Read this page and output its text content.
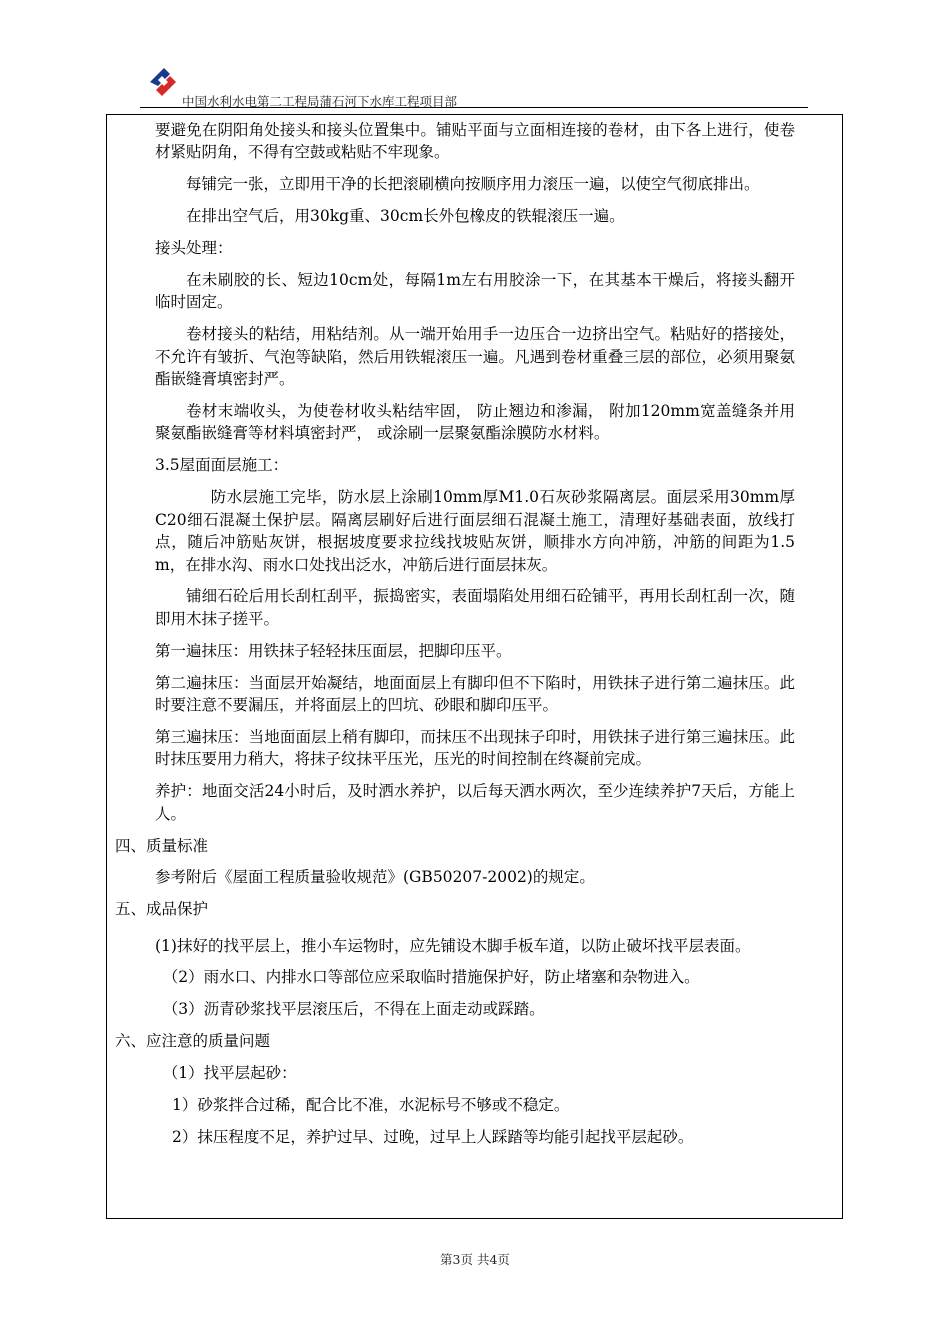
中国水利水电第二工程局蒲石河下水库工程项目部

要避免在阴阳角处接头和接头位置集中。铺贴平面与立面相连接的卷材，由下各上进行，使卷材紧贴阴角，不得有空鼓或粘贴不牢现象。

每铺完一张，立即用干净的长把滚刷横向按顺序用力滚压一遍，以使空气彻底排出。

在排出空气后，用30kg重、30cm长外包橡皮的铁辊滚压一遍。

接头处理：

在未刷胶的长、短边10cm处，每隔1m左右用胶涂一下，在其基本干燥后，将接头翻开临时固定。

卷材接头的粘结，用粘结剂。从一端开始用手一边压合一边挤出空气。粘贴好的搭接处，不允许有皱折、气泡等缺陷，然后用铁辊滚压一遍。凡遇到卷材重叠三层的部位，必须用聚氨酯嵌缝膏填密封严。

卷材末端收头，为使卷材收头粘结牢固， 防止翘边和渗漏， 附加120mm宽盖缝条并用聚氨酯嵌缝膏等材料填密封严， 或涂刷一层聚氨酯涂膜防水材料。

3.5屋面面层施工：

防水层施工完毕，防水层上涂刷10mm厚M1.0石灰砂浆隔离层。面层采用30mm厚C20细石混凝土保护层。隔离层刷好后进行面层细石混凝土施工，清理好基础表面，放线打点，随后冲筋贴灰饼，根据坡度要求拉线找坡贴灰饼，顺排水方向冲筋，冲筋的间距为1.5m，在排水沟、雨水口处找出泛水，冲筋后进行面层抹灰。

铺细石砼后用长刮杠刮平，振捣密实，表面塌陷处用细石砼铺平，再用长刮杠刮一次，随即用木抹子搓平。

第一遍抹压：用铁抹子轻轻抹压面层，把脚印压平。

第二遍抹压：当面层开始凝结，地面面层上有脚印但不下陷时，用铁抹子进行第二遍抹压。此时要注意不要漏压，并将面层上的凹坑、砂眼和脚印压平。

第三遍抹压：当地面面层上稍有脚印，而抹压不出现抹子印时，用铁抹子进行第三遍抹压。此时抹压要用力稍大，将抹子纹抹平压光，压光的时间控制在终凝前完成。

养护：地面交活24小时后，及时洒水养护，以后每天洒水两次，至少连续养护7天后，方能上人。

四、质量标准

参考附后《屋面工程质量验收规范》(GB50207-2002)的规定。

五、成品保护

(1)抹好的找平层上，推小车运物时，应先铺设木脚手板车道，以防止破坏找平层表面。

（2）雨水口、内排水口等部位应采取临时措施保护好，防止堵塞和杂物进入。

（3）沥青砂浆找平层滚压后，不得在上面走动或踩踏。

六、应注意的质量问题

（1）找平层起砂：

1）砂浆拌合过稀，配合比不准，水泥标号不够或不稳定。

2）抹压程度不足，养护过早、过晚，过早上人踩踏等均能引起找平层起砂。

第3页 共4页
